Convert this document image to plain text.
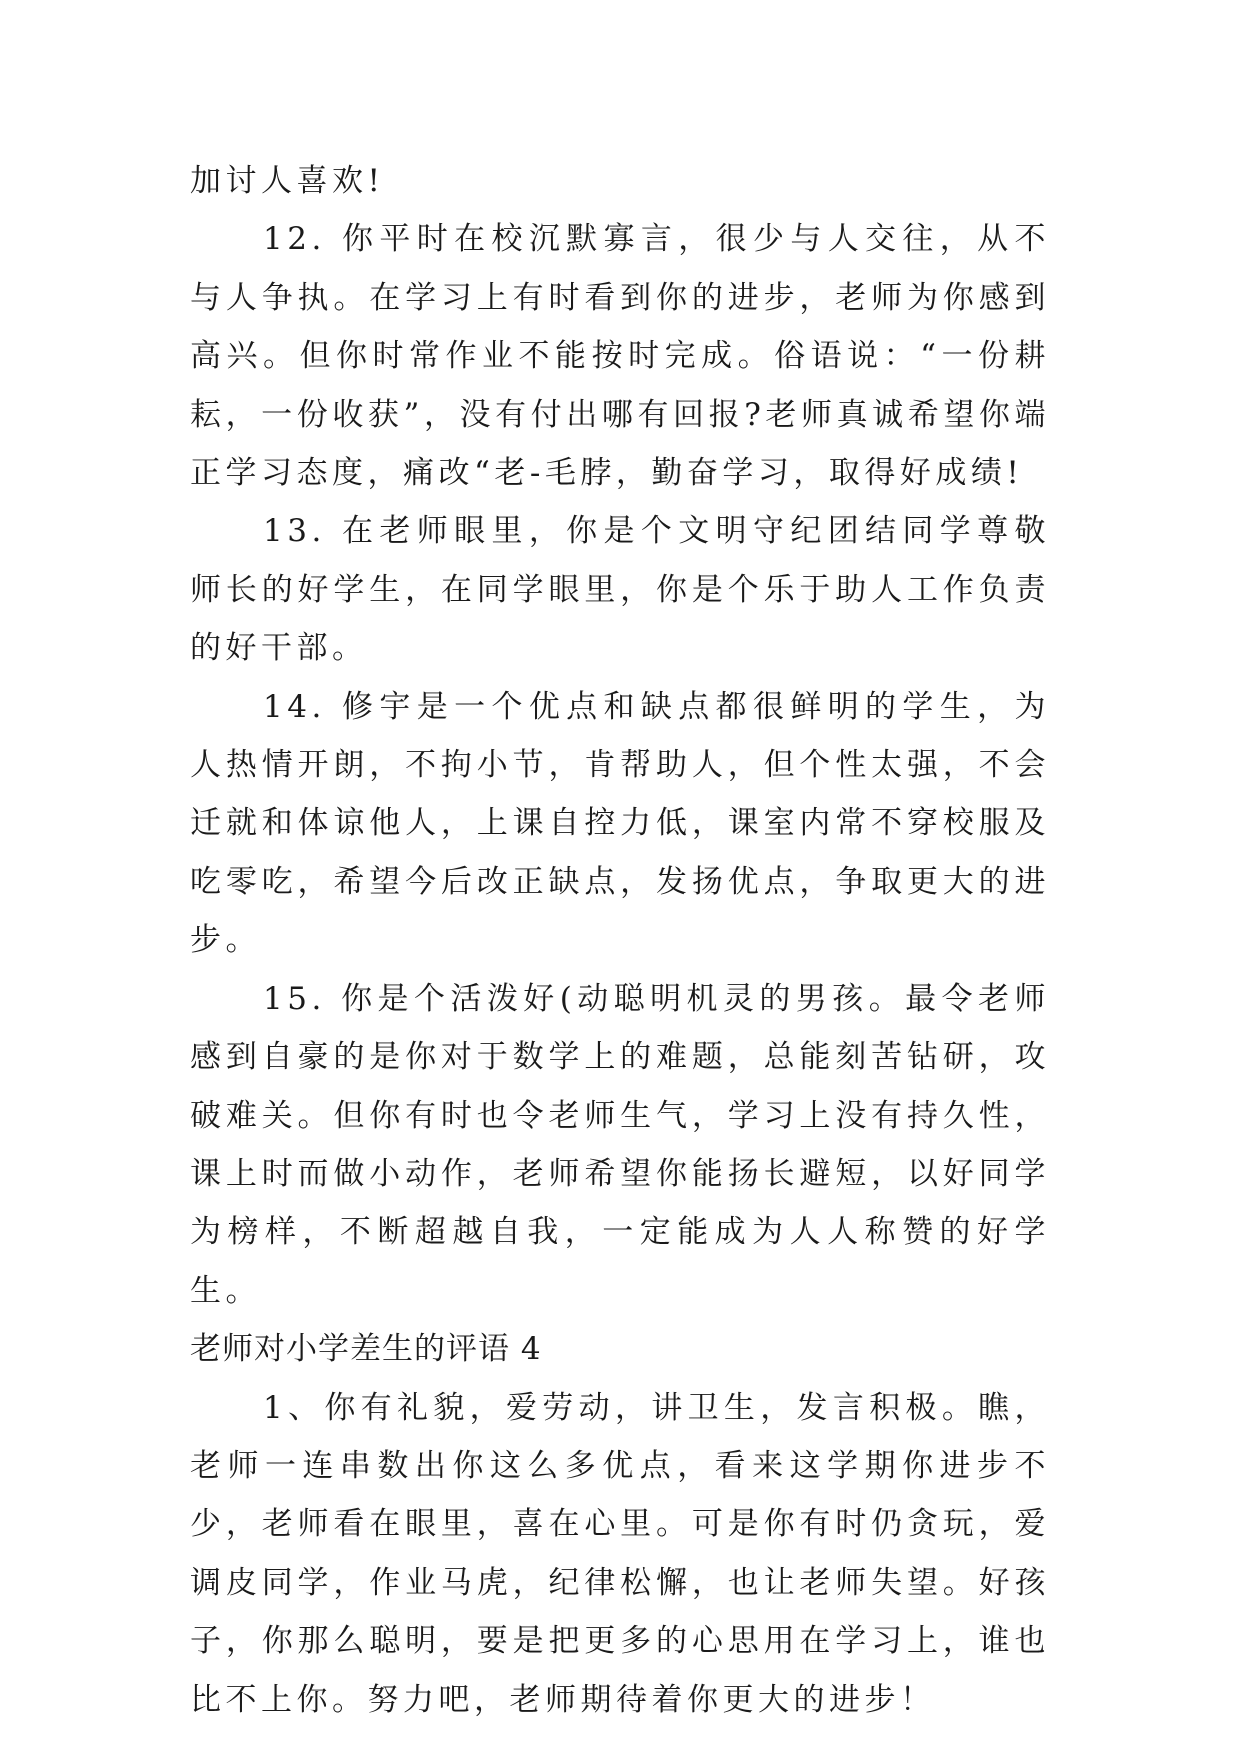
加讨人喜欢!

12. 你平时在校沉默寡言，很少与人交往，从不与人争执。在学习上有时看到你的进步，老师为你感到高兴。但你时常作业不能按时完成。俗语说：“一份耕耘，一份收获”，没有付出哪有回报?老师真诚希望你端正学习态度，痛改“老-毛脖，勤奋学习，取得好成绩!

13. 在老师眼里，你是个文明守纪团结同学尊敬师长的好学生，在同学眼里，你是个乐于助人工作负责的好干部。

14. 修宇是一个优点和缺点都很鲜明的学生，为人热情开朗，不拘小节，肯帮助人，但个性太强，不会迁就和体谅他人，上课自控力低，课室内常不穿校服及吃零吃，希望今后改正缺点，发扬优点，争取更大的进步。

15. 你是个活泼好(动聪明机灵的男孩。最令老师感到自豪的是你对于数学上的难题，总能刻苦钻研，攻破难关。但你有时也令老师生气，学习上没有持久性，课上时而做小动作，老师希望你能扬长避短，以好同学为榜样，不断超越自我，一定能成为人人称赞的好学生。

老师对小学差生的评语 4

1、你有礼貌，爱劳动，讲卫生，发言积极。瞧，老师一连串数出你这么多优点，看来这学期你进步不少，老师看在眼里，喜在心里。可是你有时仍贪玩，爱调皮同学，作业马虎，纪律松懈，也让老师失望。好孩子，你那么聪明，要是把更多的心思用在学习上，谁也比不上你。努力吧，老师期待着你更大的进步！
